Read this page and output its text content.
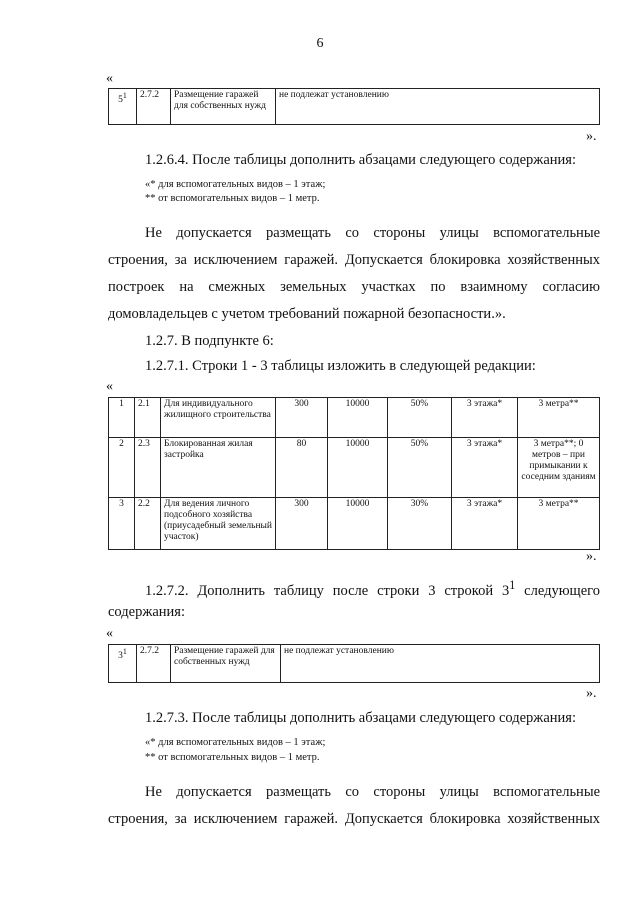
6
«
$5^1$	2.7.2	Размещение гаражей для собственных нужд	не подлежат установлению
».
1.2.6.4. После таблицы дополнить абзацами следующего содержания:
«* для вспомогательных видов – 1 этаж;
** от вспомогательных видов – 1 метр.
Не допускается размещать со стороны улицы вспомогательные
строения, за исключением гаражей. Допускается блокировка хозяйственных
построек на смежных земельных участках по взаимному согласию
домовладельцев с учетом требований пожарной безопасности.».
1.2.7. В подпункте 6:
1.2.7.1. Строки 1 - 3 таблицы изложить в следующей редакции:
«
1	2.1	Для индивидуального жилищного строительства	300	10000	50%	3 этажа*	3 метра**
2	2.3	Блокированная жилая застройка	80	10000	50%	3 этажа*	3 метра**; 0 метров – при примыкании к соседним зданиям
3	2.2	Для ведения личного подсобного хозяйства (приусадебный земельный участок)	300	10000	30%	3 этажа*	3 метра**
».
1.2.7.2. Дополнить таблицу после строки 3 строкой $3^1$ следующего
содержания:
«
$3^1$	2.7.2	Размещение гаражей для собственных нужд	не подлежат установлению
».
1.2.7.3. После таблицы дополнить абзацами следующего содержания:
«* для вспомогательных видов – 1 этаж;
** от вспомогательных видов – 1 метр.
Не допускается размещать со стороны улицы вспомогательные
строения, за исключением гаражей. Допускается блокировка хозяйственных
